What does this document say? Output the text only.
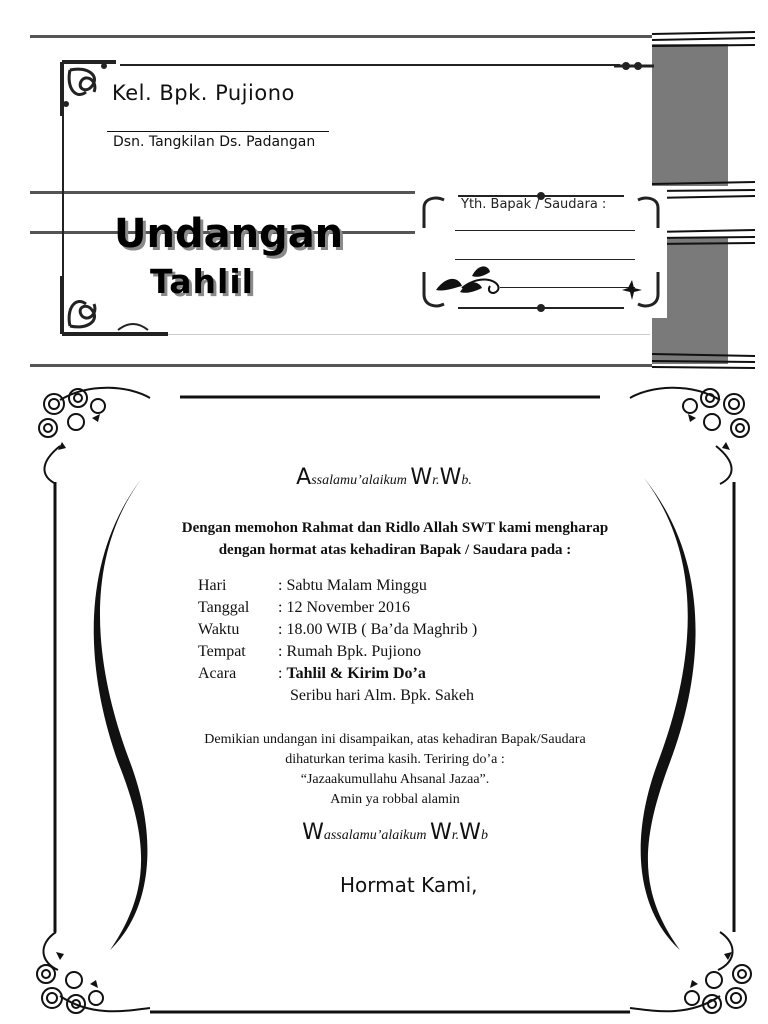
Kel. Bpk. Pujiono
Dsn. Tangkilan Ds. Padangan
Undangan
Tahlil
Yth. Bapak / Saudara :
Assalamu’alaikum Wr.Wb.
Dengan memohon Rahmat dan Ridlo Allah SWT kami mengharap
dengan hormat atas kehadiran Bapak / Saudara pada :
Hari	: Sabtu Malam Minggu
Tanggal : 12 November 2016
Waktu : 18.00 WIB ( Ba’da Maghrib )
Tempat : Rumah Bpk. Pujiono
Acara	: Tahlil & Kirim Do’a
Seribu hari Alm. Bpk. Sakeh
Demikian undangan ini disampaikan, atas kehadiran Bapak/Saudara
dihaturkan terima kasih. Teriring do’a :
“Jazaakumullahu Ahsanal Jazaa”.
Amin ya robbal alamin
Wassalamu’alaikum Wr.Wb
Hormat Kami,
